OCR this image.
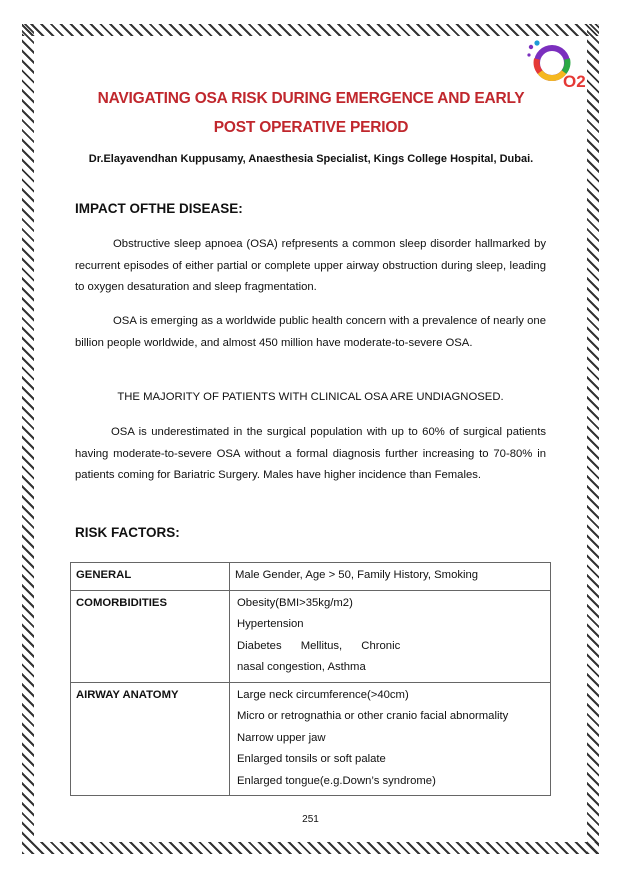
O2
NAVIGATING OSA RISK DURING EMERGENCE AND EARLY
POST OPERATIVE PERIOD
Dr.Elayavendhan Kuppusamy, Anaesthesia Specialist, Kings College Hospital, Dubai.
IMPACT OFTHE DISEASE:

Obstructive sleep apnoea (OSA) refpresents a common sleep disorder hallmarked by recurrent episodes of either partial or complete upper airway obstruction during sleep, leading to oxygen desaturation and sleep fragmentation.

OSA is emerging as a worldwide public health concern with a prevalence of nearly one billion people worldwide, and almost 450 million have moderate-to-severe OSA.

THE MAJORITY OF PATIENTS WITH CLINICAL OSA ARE UNDIAGNOSED.

OSA is underestimated in the surgical population with up to 60% of surgical patients having moderate-to-severe OSA without a formal diagnosis further increasing to 70-80% in patients coming for Bariatric Surgery. Males have higher incidence than Females.

RISK FACTORS:
GENERAL	Male Gender, Age > 50, Family History, Smoking

COMORBIDITIES	Obesity(BMI>35kg/m2)
Hypertension
Diabetes Mellitus, Chronic
nasal congestion, Asthma

AIRWAY ANATOMY	Large neck circumference(>40cm)
Micro or retrognathia or other cranio facial abnormality
Narrow upper jaw
Enlarged tonsils or soft palate
Enlarged tongue(e.g.Down’s syndrome)
251
